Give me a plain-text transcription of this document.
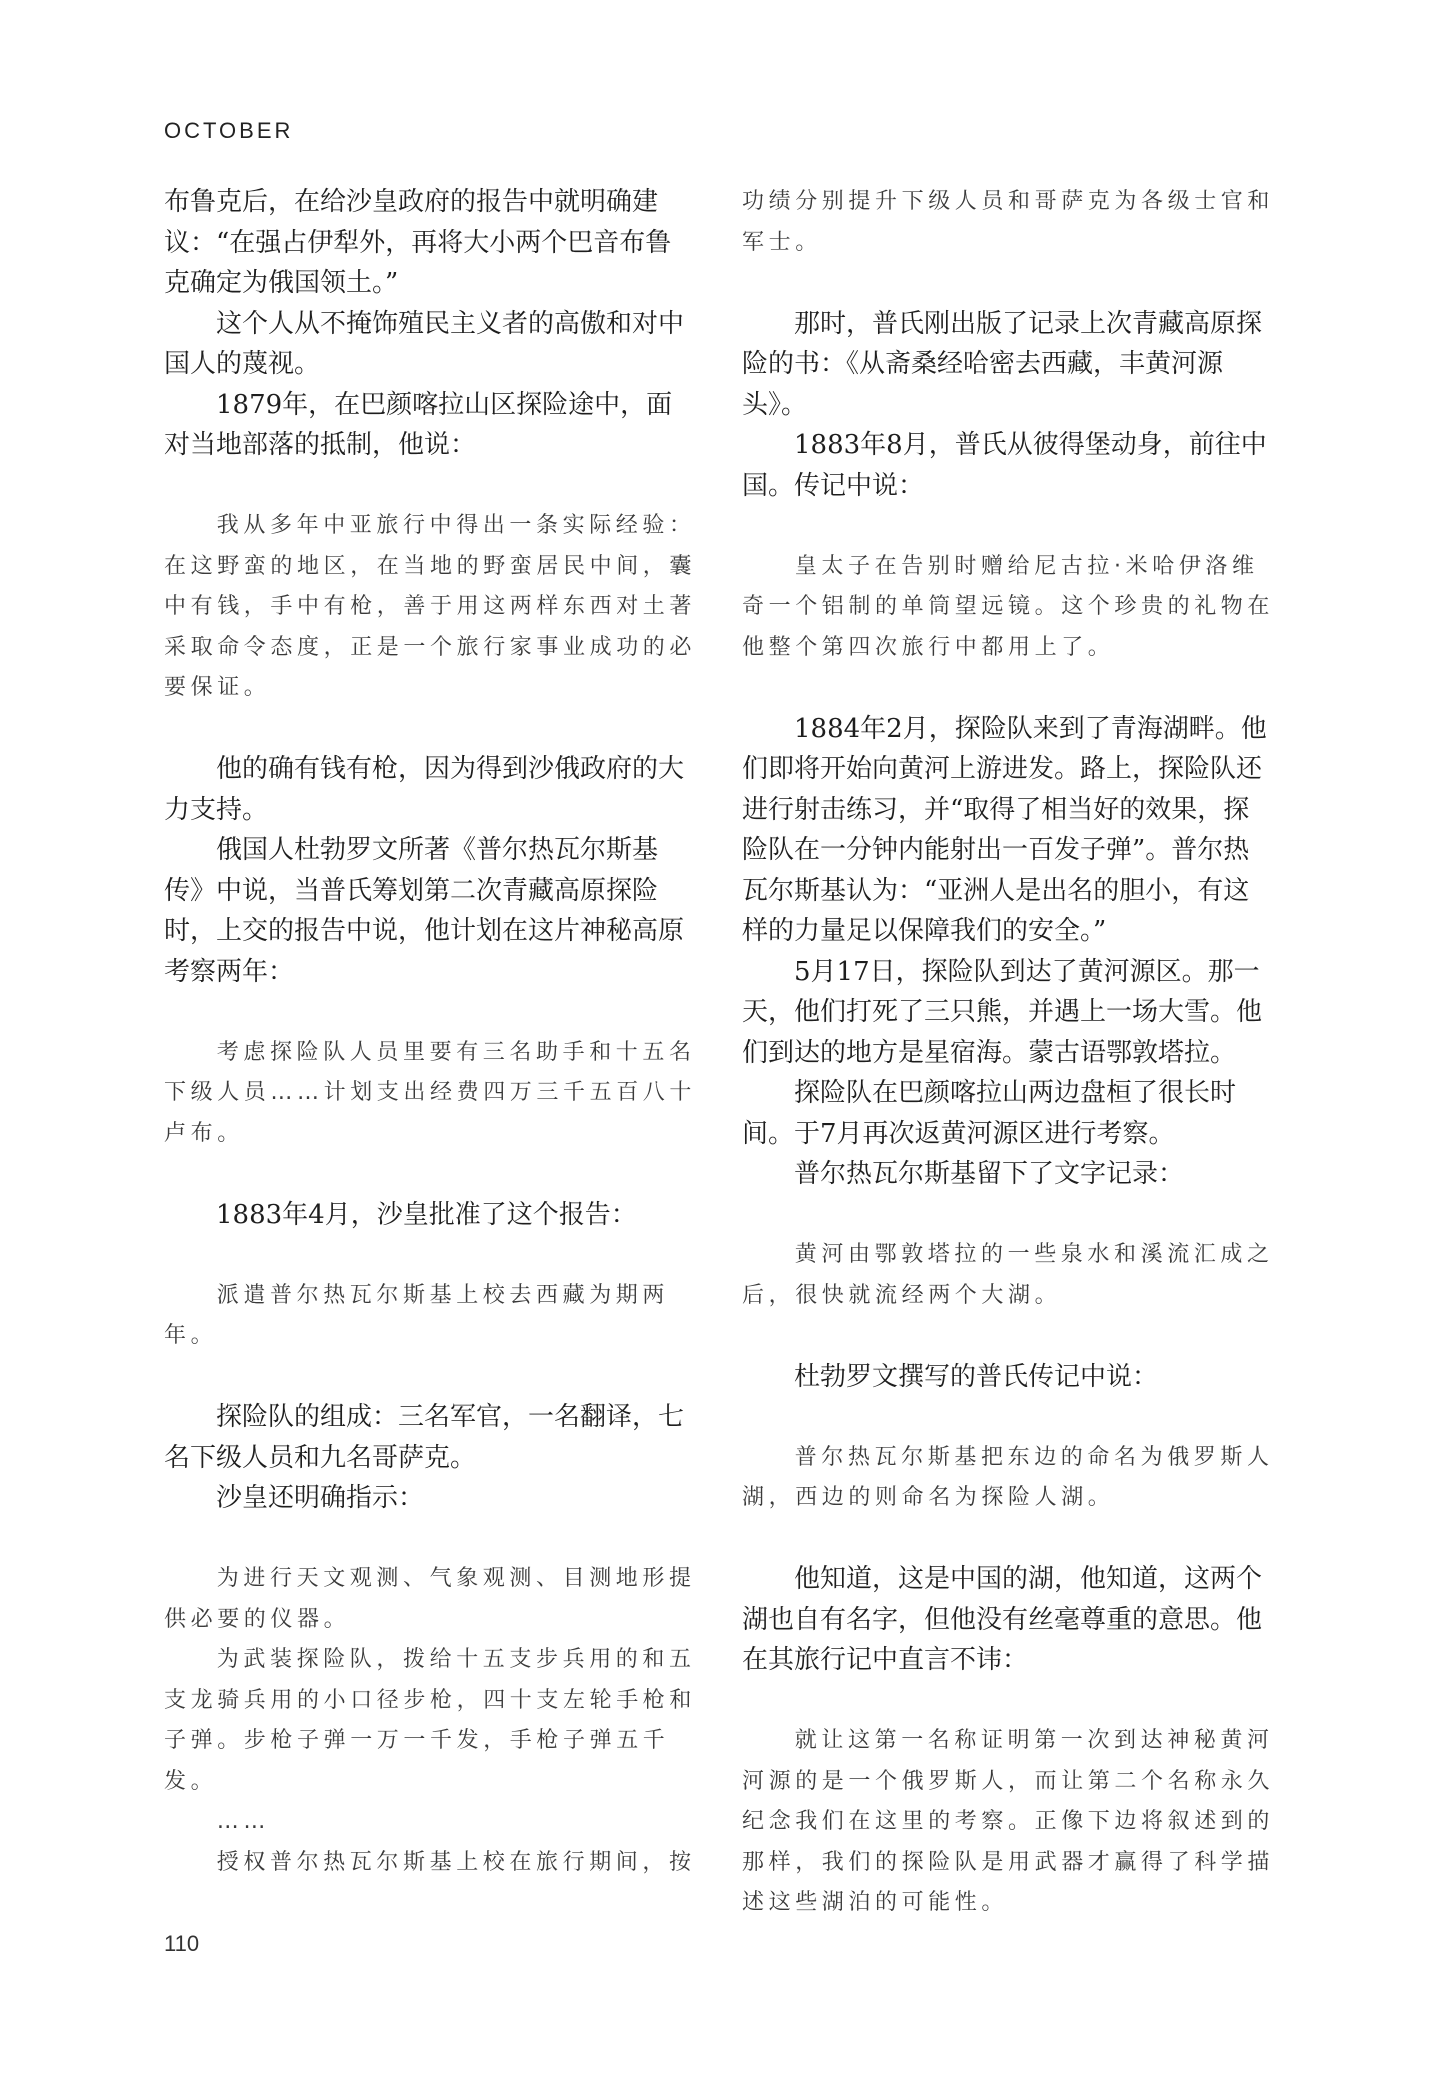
OCTOBER

布鲁克后，在给沙皇政府的报告中就明确建议：“在强占伊犁外，再将大小两个巴音布鲁克确定为俄国领土。”

这个人从不掩饰殖民主义者的高傲和对中国人的蔑视。

1879年，在巴颜喀拉山区探险途中，面对当地部落的抵制，他说：

我从多年中亚旅行中得出一条实际经验：在这野蛮的地区，在当地的野蛮居民中间，囊中有钱，手中有枪，善于用这两样东西对土著采取命令态度，正是一个旅行家事业成功的必要保证。

他的确有钱有枪，因为得到沙俄政府的大力支持。

俄国人杜勃罗文所著《普尔热瓦尔斯基传》中说，当普氏筹划第二次青藏高原探险时，上交的报告中说，他计划在这片神秘高原考察两年：

考虑探险队人员里要有三名助手和十五名下级人员……计划支出经费四万三千五百八十卢布。

1883年4月，沙皇批准了这个报告：

派遣普尔热瓦尔斯基上校去西藏为期两年。

探险队的组成：三名军官，一名翻译，七名下级人员和九名哥萨克。

沙皇还明确指示：

为进行天文观测、气象观测、目测地形提供必要的仪器。

为武装探险队，拨给十五支步兵用的和五支龙骑兵用的小口径步枪，四十支左轮手枪和子弹。步枪子弹一万一千发，手枪子弹五千发。

……

授权普尔热瓦尔斯基上校在旅行期间，按

功绩分别提升下级人员和哥萨克为各级士官和军士。

那时，普氏刚出版了记录上次青藏高原探险的书：《从斋桑经哈密去西藏，丰黄河源头》。

1883年8月，普氏从彼得堡动身，前往中国。传记中说：

皇太子在告别时赠给尼古拉·米哈伊洛维奇一个铝制的单筒望远镜。这个珍贵的礼物在他整个第四次旅行中都用上了。

1884年2月，探险队来到了青海湖畔。他们即将开始向黄河上游进发。路上，探险队还进行射击练习，并“取得了相当好的效果，探险队在一分钟内能射出一百发子弹”。普尔热瓦尔斯基认为：“亚洲人是出名的胆小，有这样的力量足以保障我们的安全。”

5月17日，探险队到达了黄河源区。那一天，他们打死了三只熊，并遇上一场大雪。他们到达的地方是星宿海。蒙古语鄂敦塔拉。

探险队在巴颜喀拉山两边盘桓了很长时间。于7月再次返黄河源区进行考察。

普尔热瓦尔斯基留下了文字记录：

黄河由鄂敦塔拉的一些泉水和溪流汇成之后，很快就流经两个大湖。

杜勃罗文撰写的普氏传记中说：

普尔热瓦尔斯基把东边的命名为俄罗斯人湖，西边的则命名为探险人湖。

他知道，这是中国的湖，他知道，这两个湖也自有名字，但他没有丝毫尊重的意思。他在其旅行记中直言不讳：

就让这第一名称证明第一次到达神秘黄河河源的是一个俄罗斯人，而让第二个名称永久纪念我们在这里的考察。正像下边将叙述到的那样，我们的探险队是用武器才赢得了科学描述这些湖泊的可能性。

110
